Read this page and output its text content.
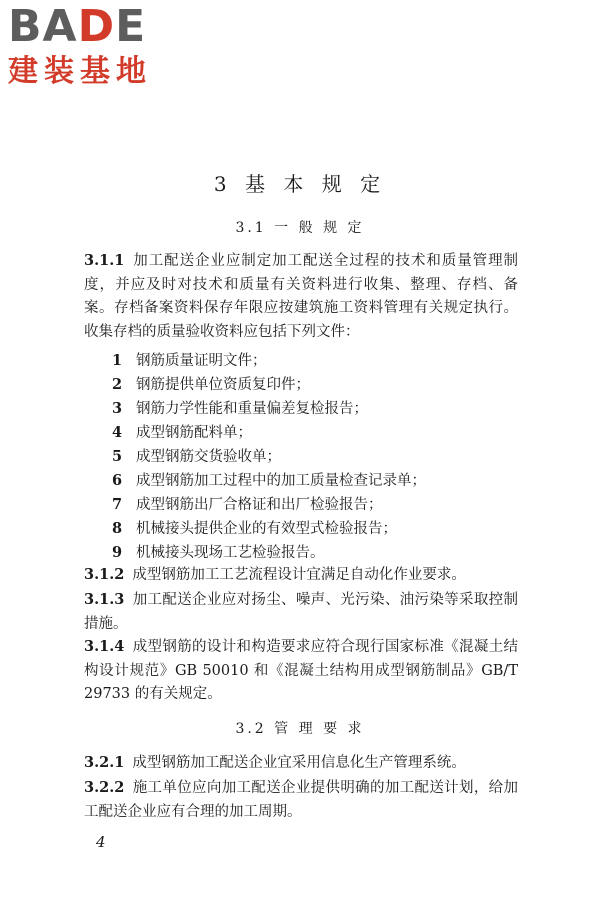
BADE
建装基地
3 基 本 规 定
3.1 一 般 规 定
3.1.1 加工配送企业应制定加工配送全过程的技术和质量管理制度，并应及时对技术和质量有关资料进行收集、整理、存档、备案。存档备案资料保存年限应按建筑施工资料管理有关规定执行。收集存档的质量验收资料应包括下列文件：
1 钢筋质量证明文件；
2 钢筋提供单位资质复印件；
3 钢筋力学性能和重量偏差复检报告；
4 成型钢筋配料单；
5 成型钢筋交货验收单；
6 成型钢筋加工过程中的加工质量检查记录单；
7 成型钢筋出厂合格证和出厂检验报告；
8 机械接头提供企业的有效型式检验报告；
9 机械接头现场工艺检验报告。
3.1.2 成型钢筋加工工艺流程设计宜满足自动化作业要求。
3.1.3 加工配送企业应对扬尘、噪声、光污染、油污染等采取控制措施。
3.1.4 成型钢筋的设计和构造要求应符合现行国家标准《混凝土结构设计规范》GB 50010 和《混凝土结构用成型钢筋制品》GB/T 29733 的有关规定。
3.2 管 理 要 求
3.2.1 成型钢筋加工配送企业宜采用信息化生产管理系统。
3.2.2 施工单位应向加工配送企业提供明确的加工配送计划，给加工配送企业应有合理的加工周期。
4
